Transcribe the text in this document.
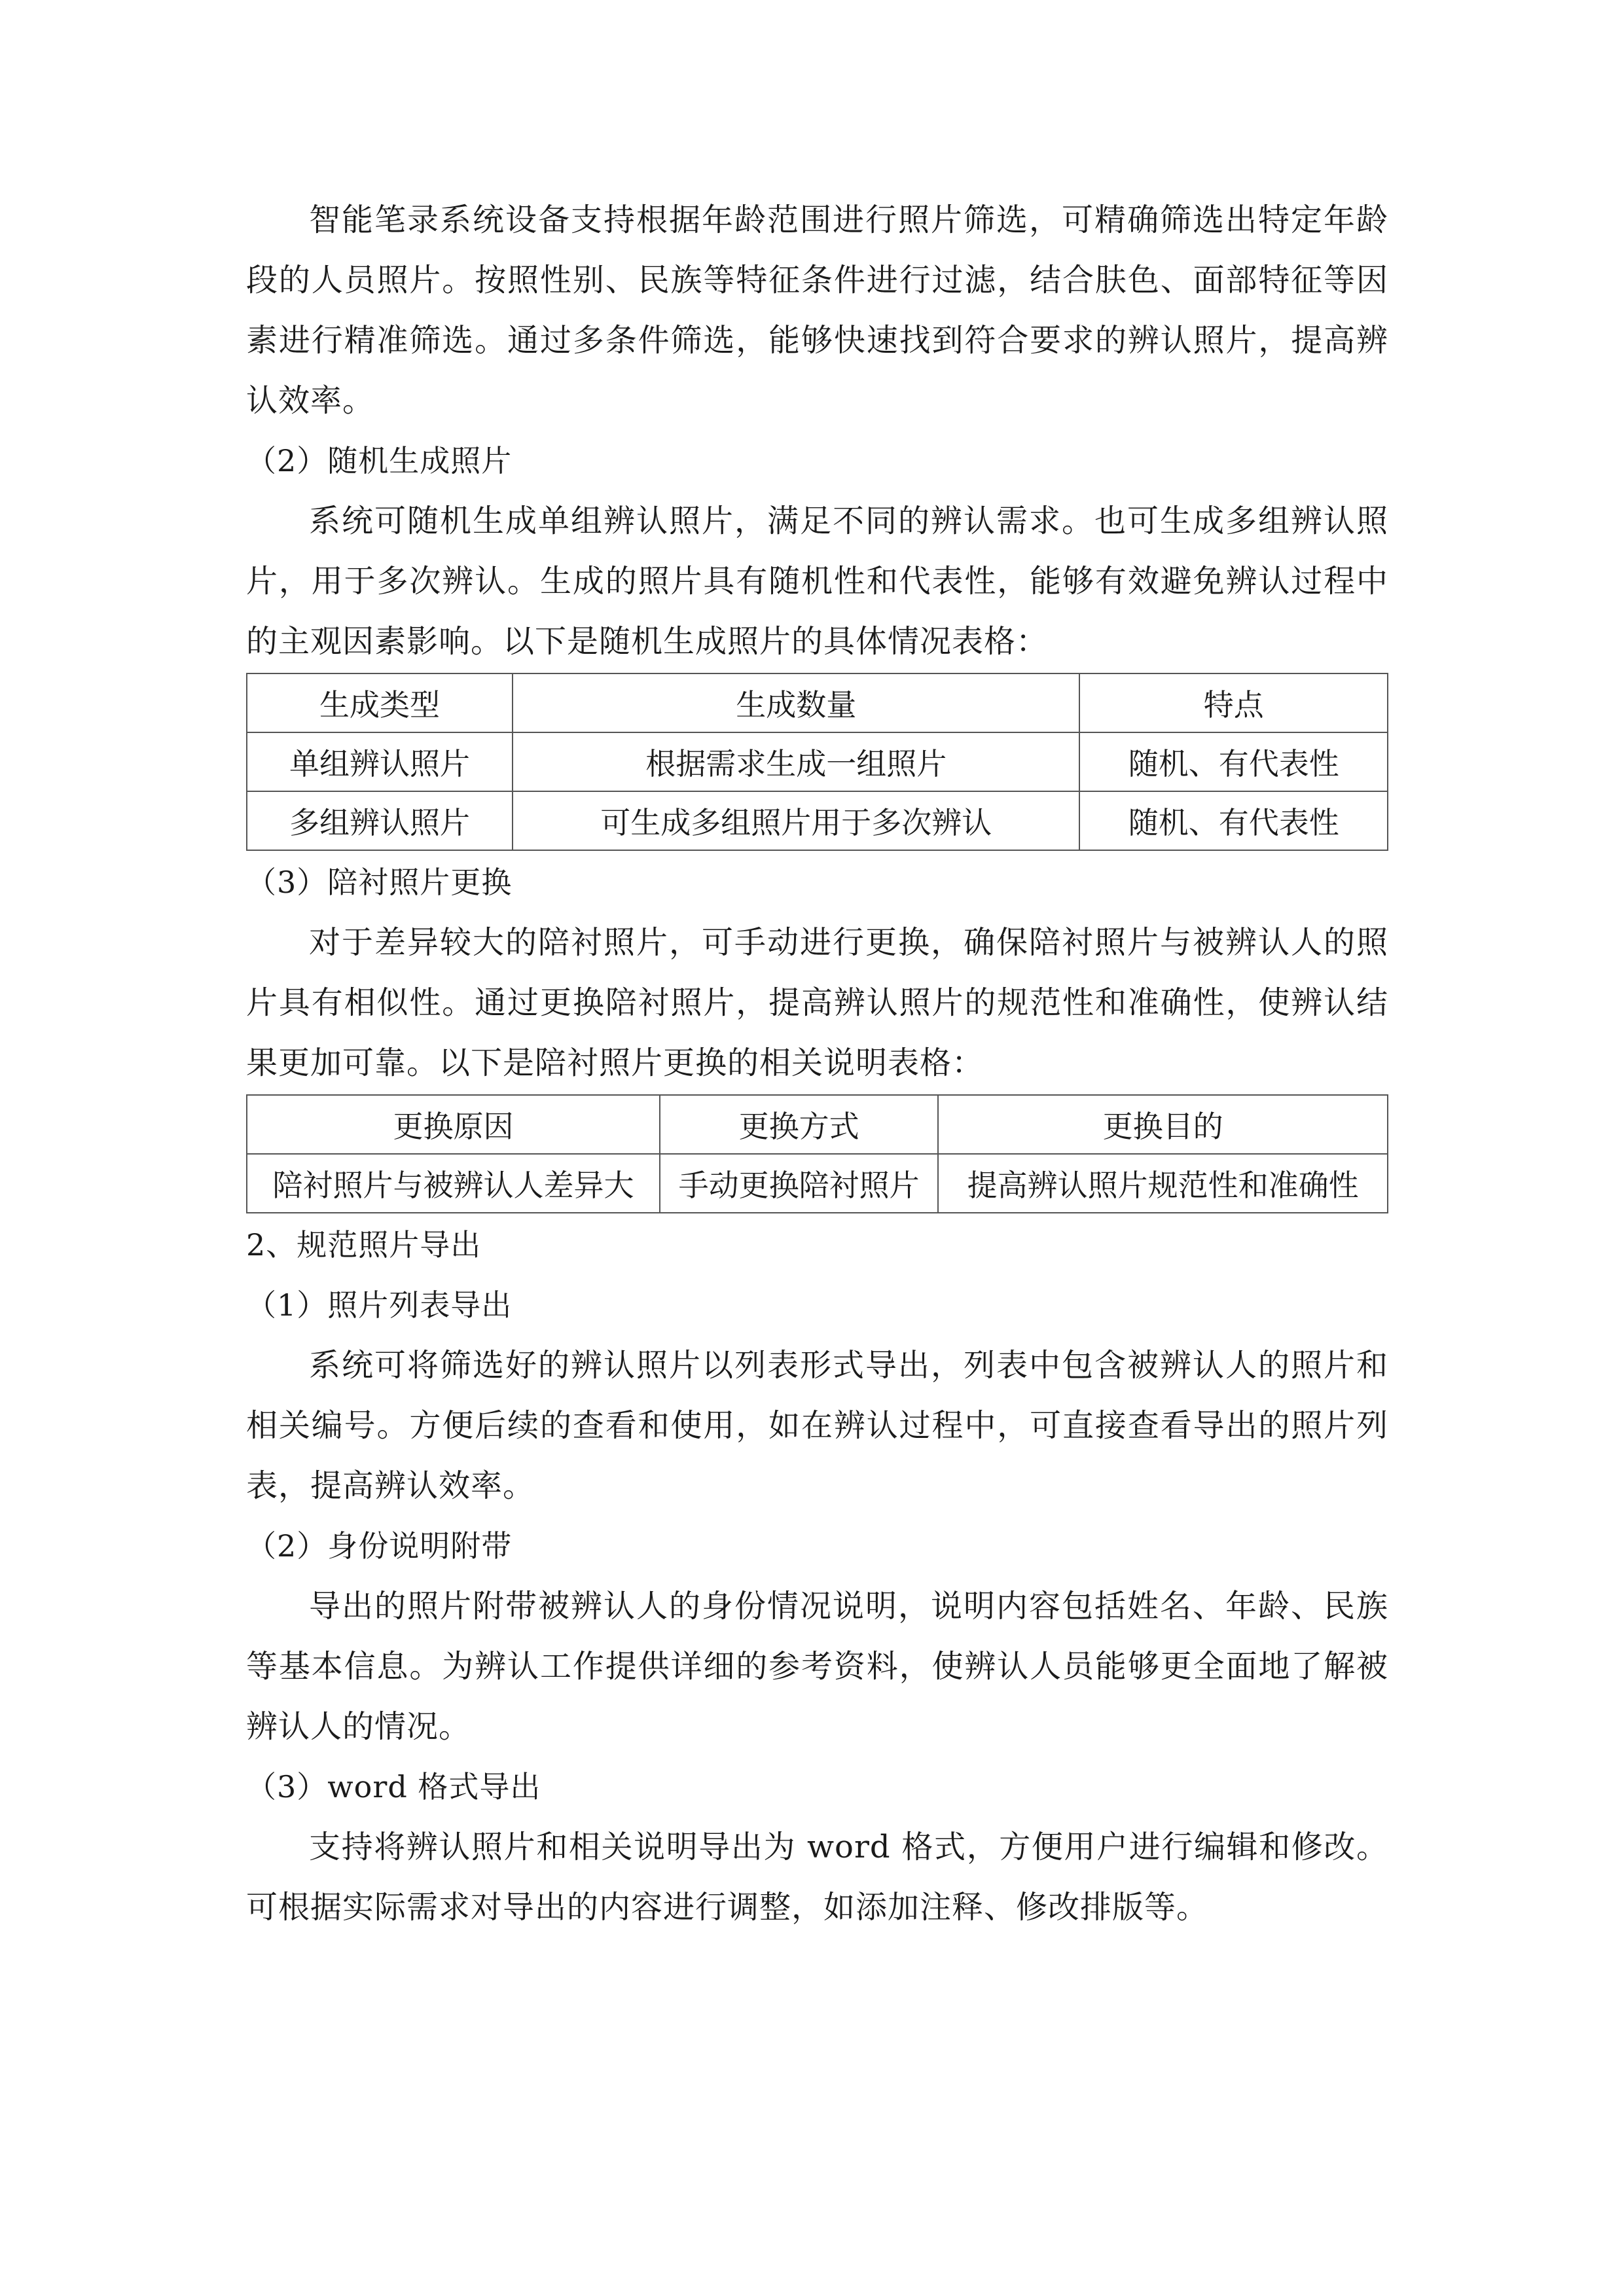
智能笔录系统设备支持根据年龄范围进行照片筛选，可精确筛选出特定年龄段的人员照片。按照性别、民族等特征条件进行过滤，结合肤色、面部特征等因素进行精准筛选。通过多条件筛选，能够快速找到符合要求的辨认照片，提高辨认效率。

（2）随机生成照片

系统可随机生成单组辨认照片，满足不同的辨认需求。也可生成多组辨认照片，用于多次辨认。生成的照片具有随机性和代表性，能够有效避免辨认过程中的主观因素影响。以下是随机生成照片的具体情况表格：

生成类型	生成数量	特点
单组辨认照片	根据需求生成一组照片	随机、有代表性
多组辨认照片	可生成多组照片用于多次辨认	随机、有代表性

（3）陪衬照片更换

对于差异较大的陪衬照片，可手动进行更换，确保陪衬照片与被辨认人的照片具有相似性。通过更换陪衬照片，提高辨认照片的规范性和准确性，使辨认结果更加可靠。以下是陪衬照片更换的相关说明表格：

更换原因	更换方式	更换目的
陪衬照片与被辨认人差异大	手动更换陪衬照片	提高辨认照片规范性和准确性

2、规范照片导出

（1）照片列表导出

系统可将筛选好的辨认照片以列表形式导出，列表中包含被辨认人的照片和相关编号。方便后续的查看和使用，如在辨认过程中，可直接查看导出的照片列表，提高辨认效率。

（2）身份说明附带

导出的照片附带被辨认人的身份情况说明，说明内容包括姓名、年龄、民族等基本信息。为辨认工作提供详细的参考资料，使辨认人员能够更全面地了解被辨认人的情况。

（3）word 格式导出

支持将辨认照片和相关说明导出为 word 格式，方便用户进行编辑和修改。可根据实际需求对导出的内容进行调整，如添加注释、修改排版等。
